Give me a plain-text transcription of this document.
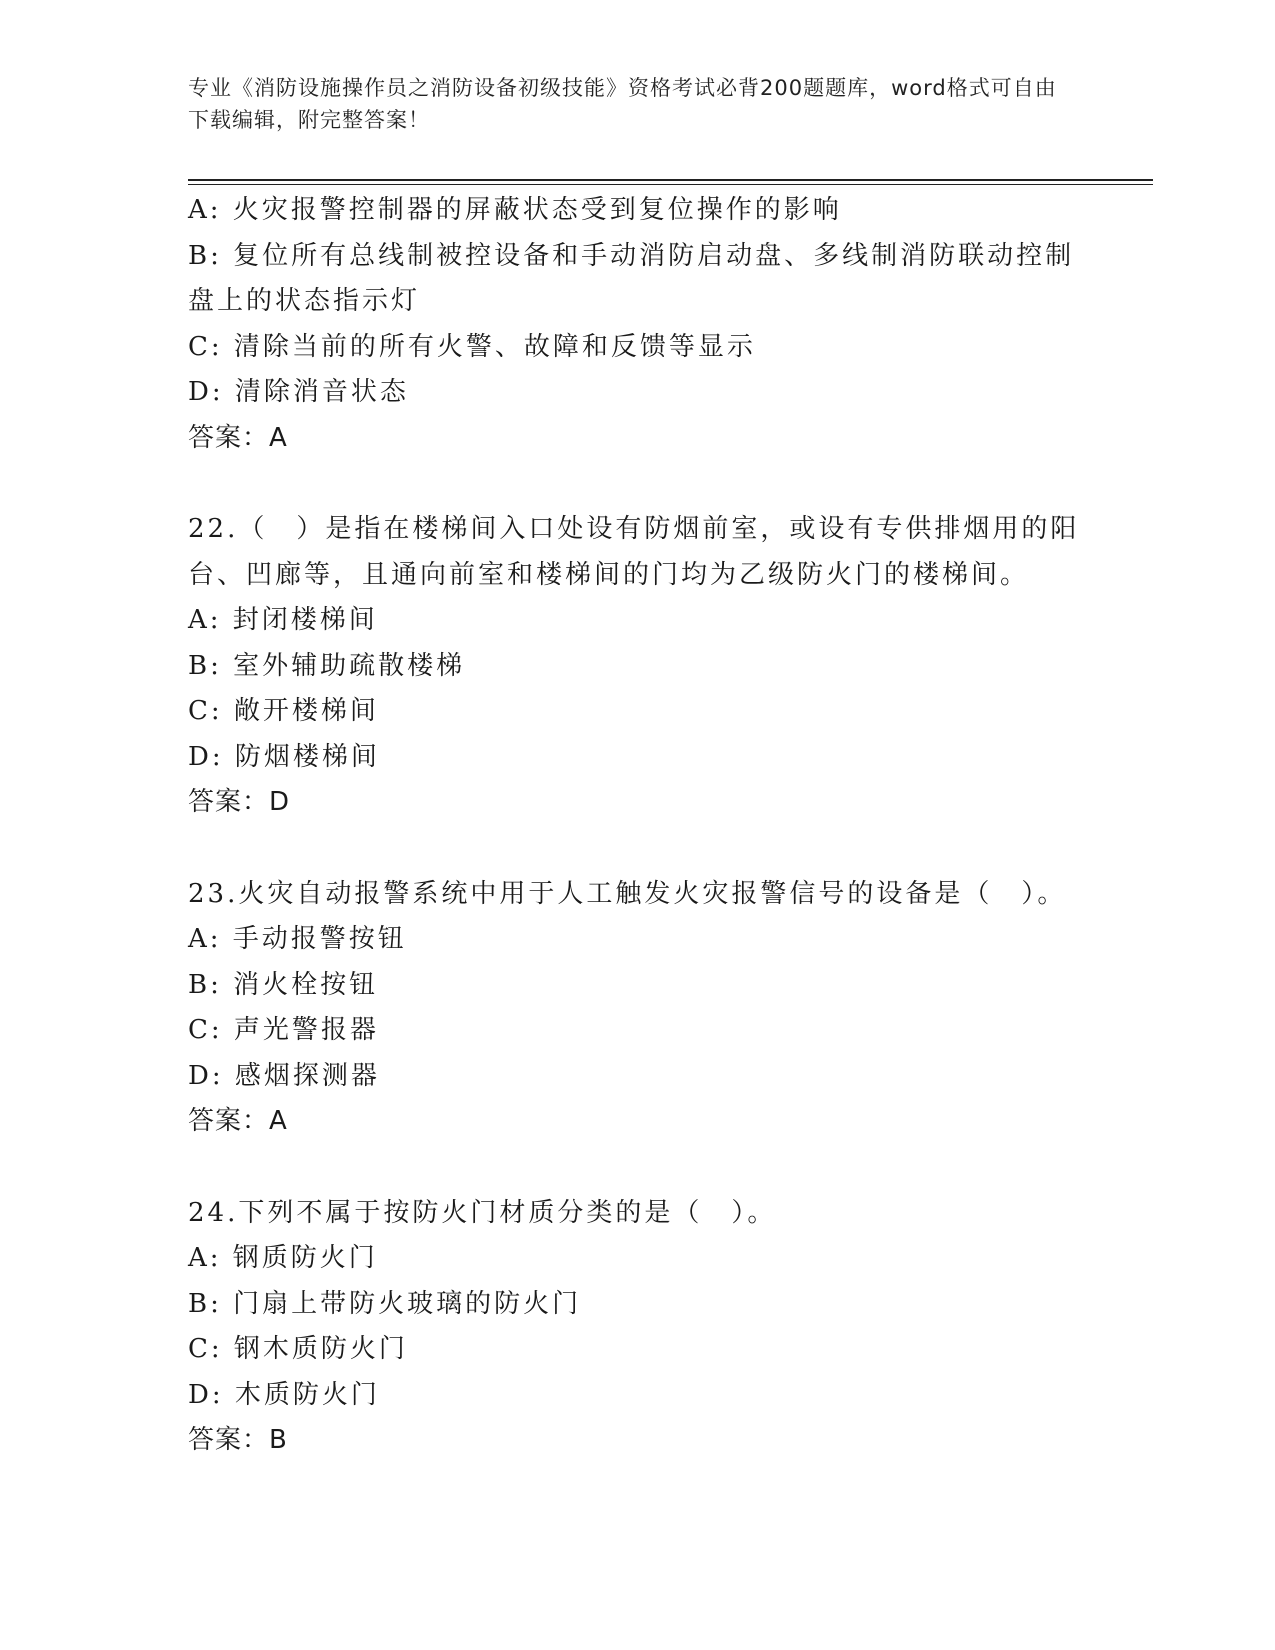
专业《消防设施操作员之消防设备初级技能》资格考试必背200题题库，word格式可自由下载编辑，附完整答案！
A: 火灾报警控制器的屏蔽状态受到复位操作的影响
B: 复位所有总线制被控设备和手动消防启动盘、多线制消防联动控制盘上的状态指示灯
C: 清除当前的所有火警、故障和反馈等显示
D: 清除消音状态
答案：A
22.（　）是指在楼梯间入口处设有防烟前室，或设有专供排烟用的阳台、凹廊等，且通向前室和楼梯间的门均为乙级防火门的楼梯间。
A: 封闭楼梯间
B: 室外辅助疏散楼梯
C: 敞开楼梯间
D: 防烟楼梯间
答案：D
23.火灾自动报警系统中用于人工触发火灾报警信号的设备是（　）。
A: 手动报警按钮
B: 消火栓按钮
C: 声光警报器
D: 感烟探测器
答案：A
24.下列不属于按防火门材质分类的是（　）。
A: 钢质防火门
B: 门扇上带防火玻璃的防火门
C: 钢木质防火门
D: 木质防火门
答案：B
